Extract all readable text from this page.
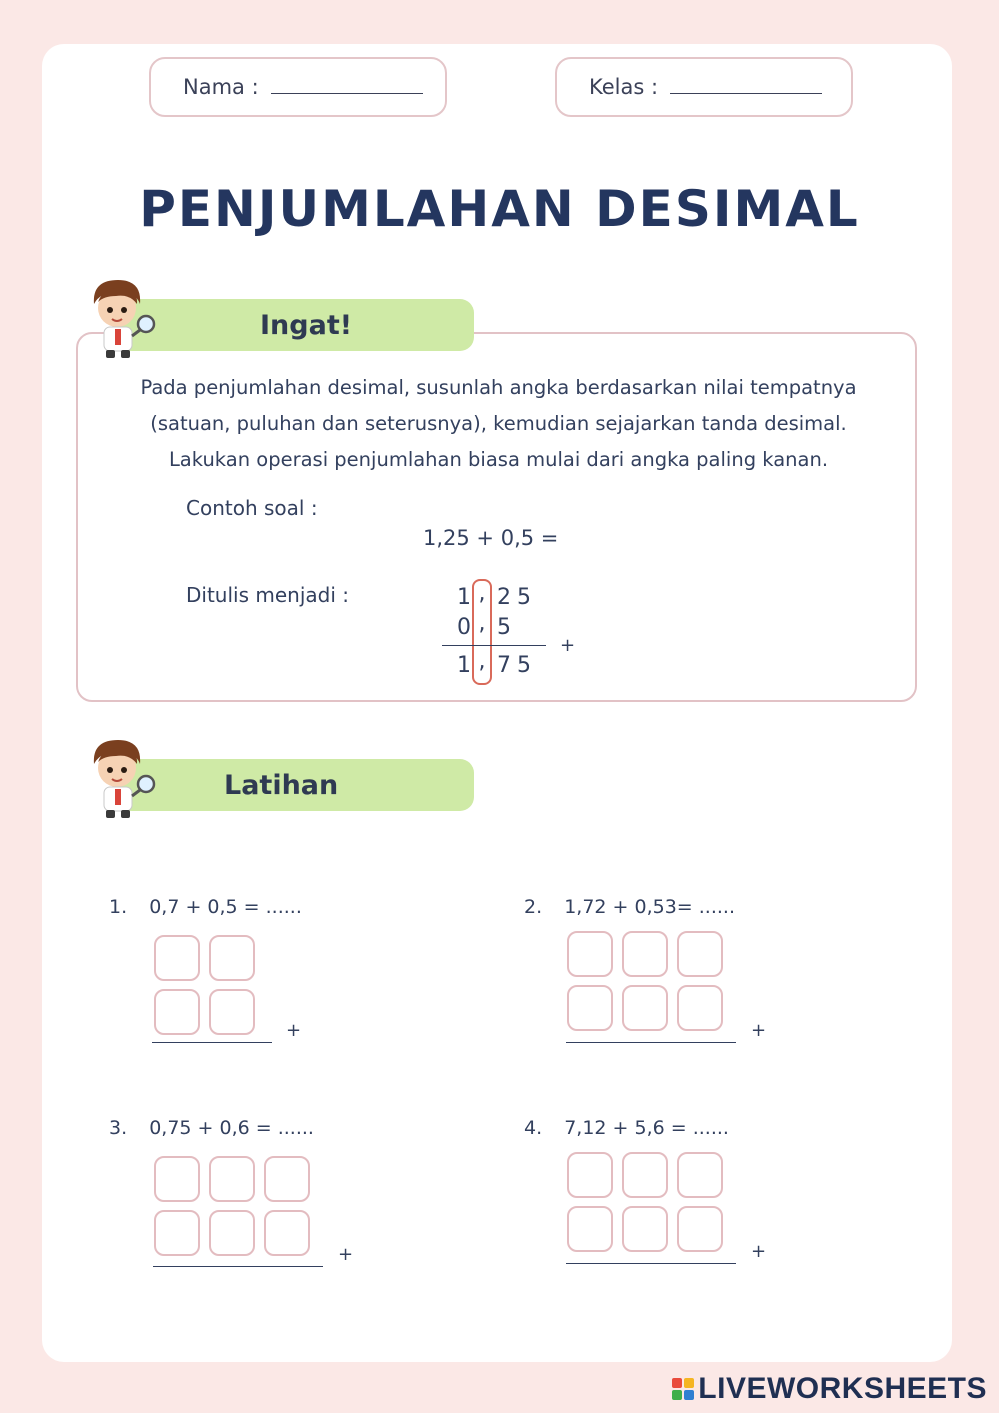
Nama :	Kelas :
PENJUMLAHAN DESIMAL
Pada penjumlahan desimal, susunlah angka berdasarkan nilai tempatnya
(satuan, puluhan dan seterusnya), kemudian sejajarkan tanda desimal.
Lakukan operasi penjumlahan biasa mulai dari angka paling kanan.
Contoh soal :
1,25 + 0,5 =
Ditulis menjadi :	1 , 2 5
0 , 5
+
1 , 7 5
Ingat!
Latihan
1. 0,7 + 0,5 = ......
+
2. 1,72 + 0,53= ......
+
3. 0,75 + 0,6 = ......
+
4. 7,12 + 5,6 = ......
+
LIVEWORKSHEETS
